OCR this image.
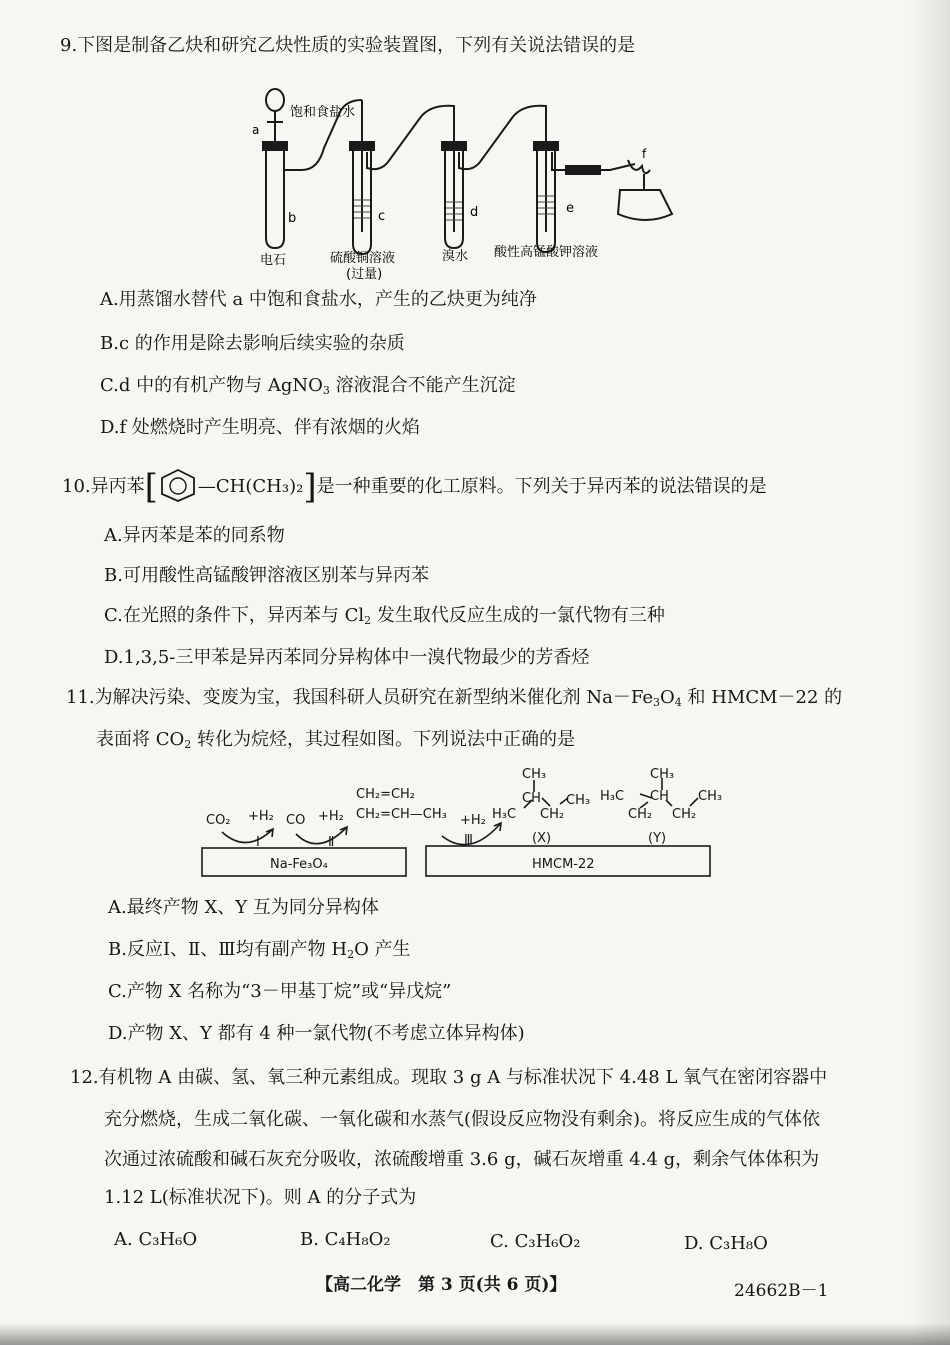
9.下图是制备乙炔和研究乙炔性质的实验装置图，下列有关说法错误的是
饱和食盐水
a
b	c	d	e
f
电石	硫酸铜溶液
(过量)
溴水 酸性高锰酸钾溶液
A.用蒸馏水替代 a 中饱和食盐水，产生的乙炔更为纯净
B.c 的作用是除去影响后续实验的杂质
C.d 中的有机产物与 AgNO$_3$ 溶液混合不能产生沉淀
D.f 处燃烧时产生明亮、伴有浓烟的火焰
10.异丙苯[ —CH(CH₃)₂]是一种重要的化工原料。下列关于异丙苯的说法错误的是
A.异丙苯是苯的同系物
B.可用酸性高锰酸钾溶液区别苯与异丙苯
C.在光照的条件下，异丙苯与 $Cl_2$ 发生取代反应生成的一氯代物有三种
D.1,3,5-三甲苯是异丙苯同分异构体中一溴代物最少的芳香烃
11.为解决污染、变废为宝，我国科研人员研究在新型纳米催化剂 $Na-Fe_3O_4$ 和 HMCM－22 的
表面将 $CO_2$ 转化为烷烃，其过程如图。下列说法中正确的是
CO₂ +H₂
Ⅰ
CO +H₂
Ⅱ
CH₂=CH₂
CH₂=CH—CH₃ +H₂
Ⅲ
CH₃
H₃C
CH
CH₂
CH₃
(X)
CH₃
H₃C CH
CH₂ CH₂
CH₃
(Y)
Na-Fe₃O₄	HMCM-22
A.最终产物 X、Y 互为同分异构体
B.反应Ⅰ、Ⅱ、Ⅲ均有副产物 $H_2O$ 产生
C.产物 X 名称为“3－甲基丁烷”或“异戊烷”
D.产物 X、Y 都有 4 种一氯代物(不考虑立体异构体)
12.有机物 A 由碳、氢、氧三种元素组成。现取 3 g A 与标准状况下 4.48 L 氧气在密闭容器中
充分燃烧，生成二氧化碳、一氧化碳和水蒸气(假设反应物没有剩余)。将反应生成的气体依
次通过浓硫酸和碱石灰充分吸收，浓硫酸增重 3.6 g，碱石灰增重 4.4 g，剩余气体体积为
1.12 L(标准状况下)。则 A 的分子式为
A. C₃H₆O	B. C₄H₈O₂	C. C₃H₆O₂	D. C₃H₈O
【高二化学　第 3 页(共 6 页)】	24662B－1
